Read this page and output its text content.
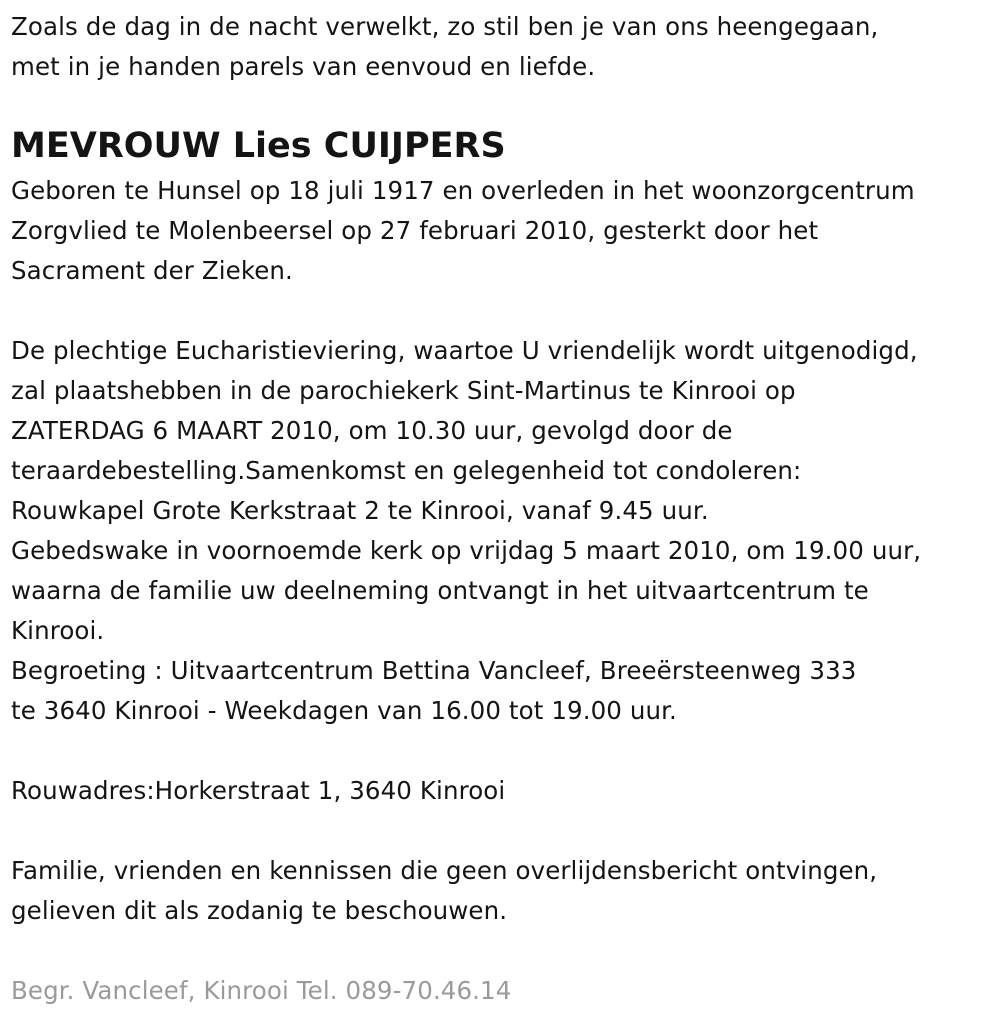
Zoals de dag in de nacht verwelkt, zo stil ben je van ons heengegaan,
met in je handen parels van eenvoud en liefde.
MEVROUW Lies CUIJPERS
Geboren te Hunsel op 18 juli 1917 en overleden in het woonzorgcentrum
Zorgvlied te Molenbeersel op 27 februari 2010, gesterkt door het
Sacrament der Zieken.
De plechtige Eucharistieviering, waartoe U vriendelijk wordt uitgenodigd,
zal plaatshebben in de parochiekerk Sint-Martinus te Kinrooi op
ZATERDAG 6 MAART 2010, om 10.30 uur, gevolgd door de
teraardebestelling.Samenkomst en gelegenheid tot condoleren:
Rouwkapel Grote Kerkstraat 2 te Kinrooi, vanaf 9.45 uur.
Gebedswake in voornoemde kerk op vrijdag 5 maart 2010, om 19.00 uur,
waarna de familie uw deelneming ontvangt in het uitvaartcentrum te
Kinrooi.
Begroeting : Uitvaartcentrum Bettina Vancleef, Breeërsteenweg 333
te 3640 Kinrooi - Weekdagen van 16.00 tot 19.00 uur.
Rouwadres:Horkerstraat 1, 3640 Kinrooi
Familie, vrienden en kennissen die geen overlijdensbericht ontvingen,
gelieven dit als zodanig te beschouwen.
Begr. Vancleef, Kinrooi Tel. 089-70.46.14
